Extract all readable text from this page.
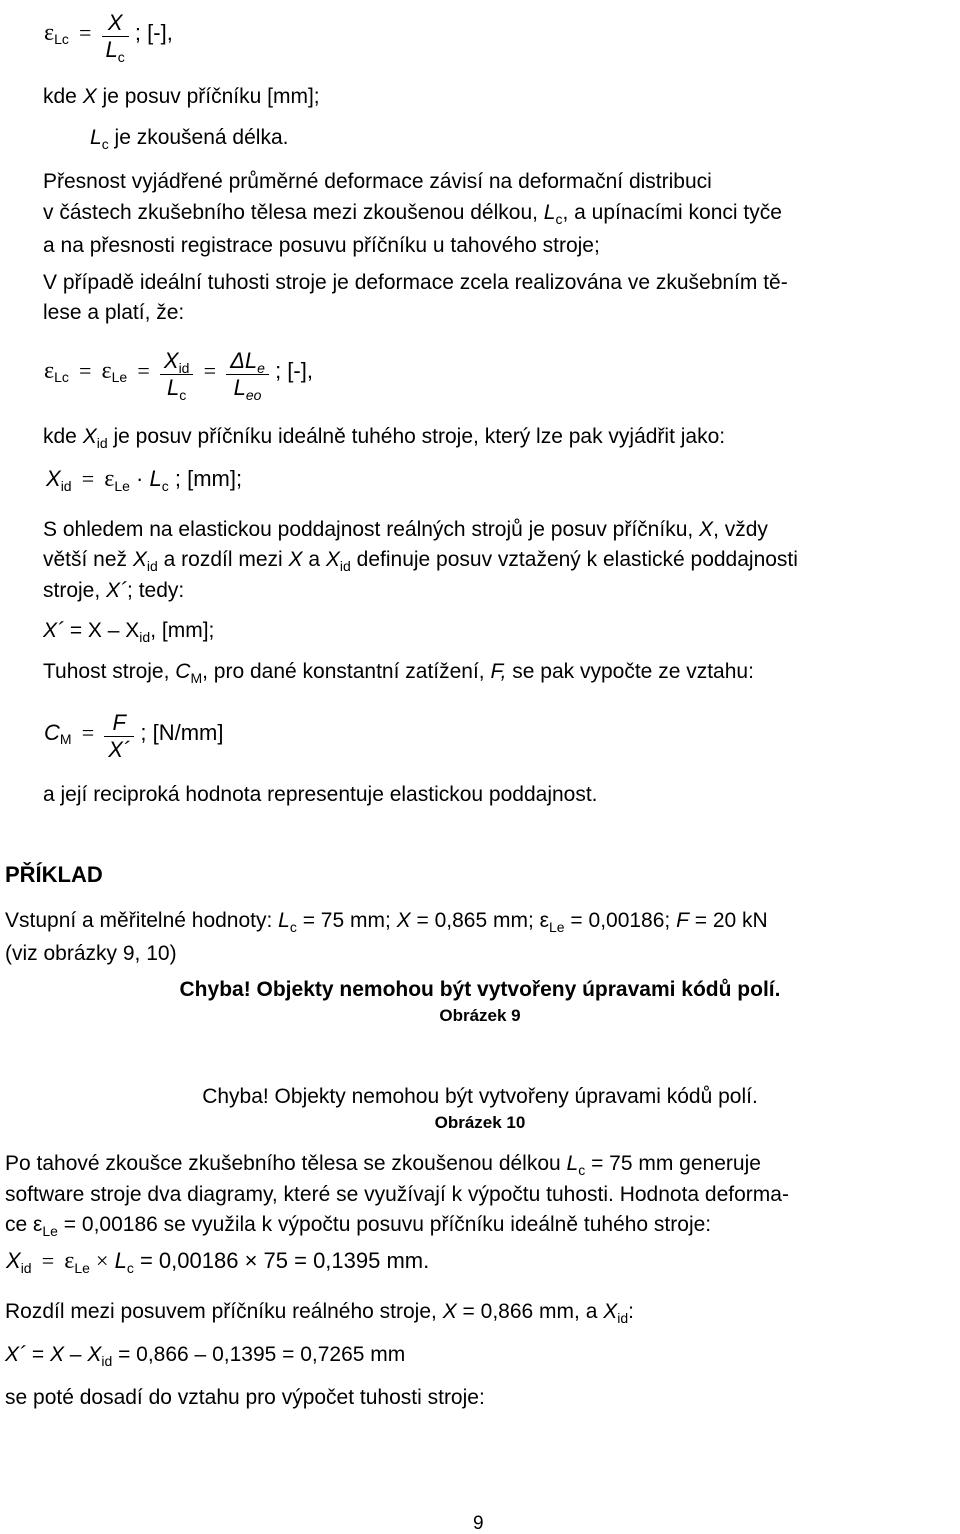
$\varepsilon_{Lc} = \frac{X}{L_c}$ ; [-],
kde X je posuv příčníku [mm];
$L_c$ je zkoušená délka.
Přesnost vyjádřené průměrné deformace závisí na deformační distribuci
v částech zkušebního tělesa mezi zkoušenou délkou, $L_c$, a upínacími konci tyče
a na přesnosti registrace posuvu příčníku u tahového stroje;
V případě ideální tuhosti stroje je deformace zcela realizována ve zkušebním tě-
lese a platí, že:
$\varepsilon_{Lc} = \varepsilon_{Le} = \frac{X_{id}}{L_c} = \frac{\Delta L_e}{L_{eo}}$ ; [-],
kde $X_{id}$ je posuv příčníku ideálně tuhého stroje, který lze pak vyjádřit jako:
$X_{id} = \varepsilon_{Le} \cdot L_c$ ; [mm];
S ohledem na elastickou poddajnost reálných strojů je posuv příčníku, X, vždy
větší než $X_{id}$ a rozdíl mezi X a $X_{id}$ definuje posuv vztažený k elastické poddajnosti
stroje, X´; tedy:
X´ = X – $X_{id}$, [mm];
Tuhost stroje, $C_M$, pro dané konstantní zatížení, F, se pak vypočte ze vztahu:
$C_M = \frac{F}{X´}$ ; [N/mm]
a její reciproká hodnota representuje elastickou poddajnost.
PŘÍKLAD
Vstupní a měřitelné hodnoty: $L_c = 75$ mm; X = 0,865 mm; $\varepsilon_{Le} = 0,00186$; F = 20 kN
(viz obrázky 9, 10)
Chyba! Objekty nemohou být vytvořeny úpravami kódů polí.
Obrázek 9
Chyba! Objekty nemohou být vytvořeny úpravami kódů polí.
Obrázek 10
Po tahové zkoušce zkušebního tělesa se zkoušenou délkou $L_c = 75$ mm generuje
software stroje dva diagramy, které se využívají k výpočtu tuhosti. Hodnota deforma-
ce $\varepsilon_{Le} = 0,00186$ se využila k výpočtu posuvu příčníku ideálně tuhého stroje:
$X_{id} = \varepsilon_{Le} \times L_c = 0,00186 \times 75 = 0,1395$ mm.
Rozdíl mezi posuvem příčníku reálného stroje, X = 0,866 mm, a $X_{id}$:
X´ = $X - X_{id} = 0,866 - 0,1395 = 0,7265$ mm
se poté dosadí do vztahu pro výpočet tuhosti stroje:
9
